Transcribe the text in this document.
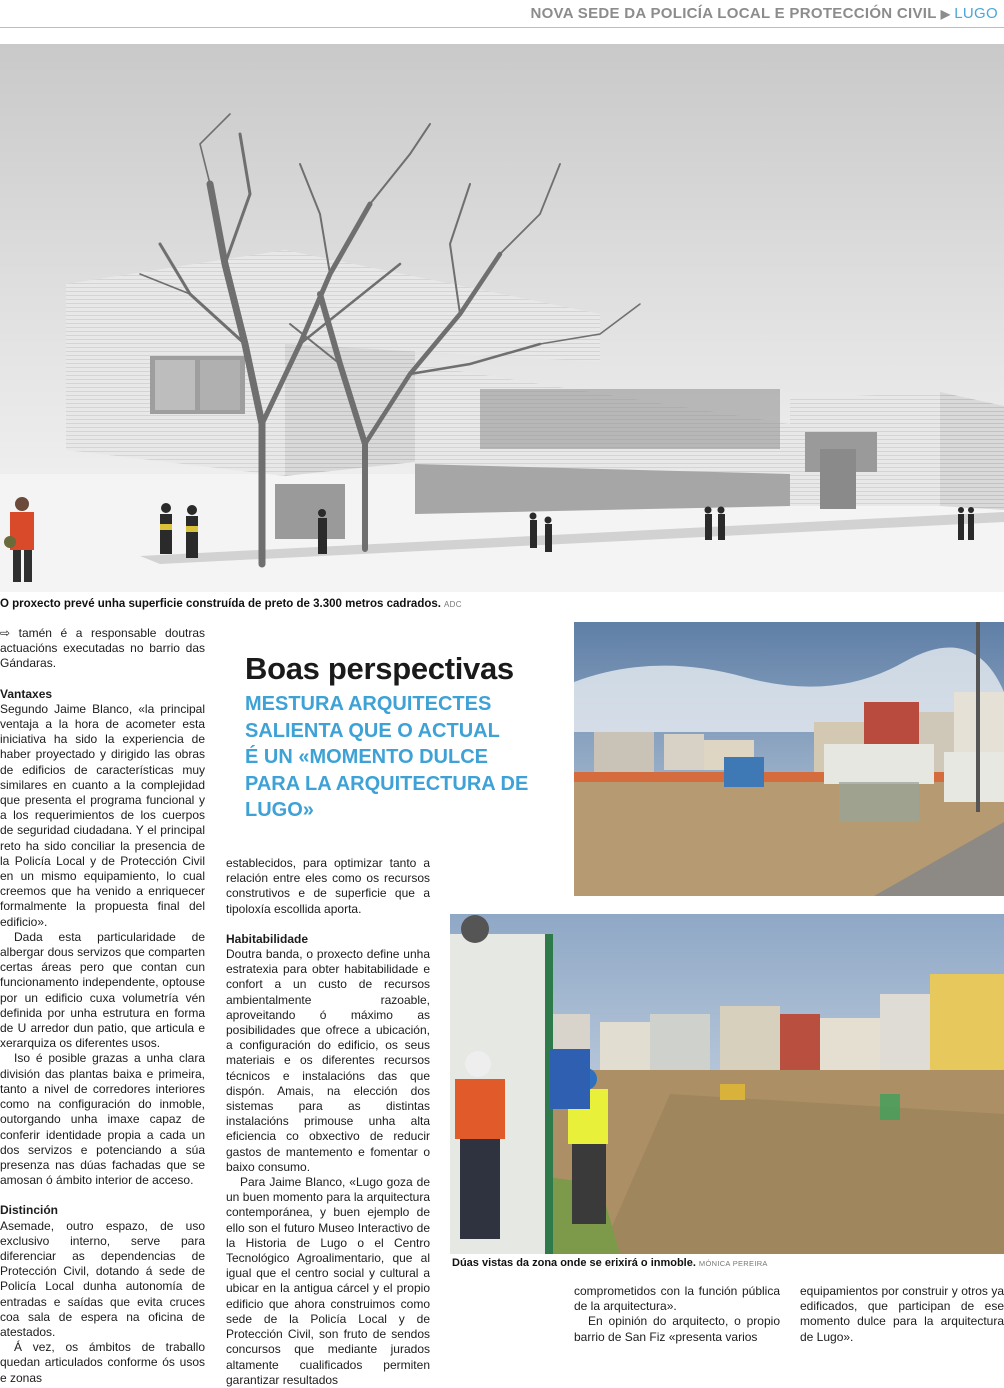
NOVA SEDE DA POLICÍA LOCAL E PROTECCIÓN CIVIL ▶ LUGO
O proxecto prevé unha superficie construída de preto de 3.300 metros cadrados. ADC

⇨ tamén é a responsable doutras actuacións executadas no barrio das Gándaras.

Vantaxes

Segundo Jaime Blanco, «la principal ventaja a la hora de acometer esta iniciativa ha sido la experiencia de haber proyectado y dirigido las obras de edificios de características muy similares en cuanto a la complejidad que presenta el programa funcional y a los requerimientos de los cuerpos de seguridad ciudadana. Y el principal reto ha sido conciliar la presencia de la Policía Local y de Protección Civil en un mismo equipamiento, lo cual creemos que ha venido a enriquecer formalmente la propuesta final del edificio».

Dada esta particularidade de albergar dous servizos que comparten certas áreas pero que contan cun funcionamento independente, optouse por un edificio cuxa volumetría vén definida por unha estrutura en forma de U arredor dun patio, que articula e xerarquiza os diferentes usos.

Iso é posible grazas a unha clara división das plantas baixa e primeira, tanto a nivel de corredores interiores como na configuración do inmoble, outorgando unha imaxe capaz de conferir identidade propia a cada un dos servizos e potenciando a súa presenza nas dúas fachadas que se amosan ó ámbito interior de acceso.

Distinción

Asemade, outro espazo, de uso exclusivo interno, serve para diferenciar as dependencias de Protección Civil, dotando á sede de Policía Local dunha autonomía de entradas e saídas que evita cruces coa sala de espera na oficina de atestados.

Á vez, os ámbitos de traballo quedan articulados conforme ós usos e zonas

Boas perspectivas
MESTURA ARQUITECTES
SALIENTA QUE O ACTUAL
É UN «MOMENTO DULCE
PARA LA ARQUITECTURA DE
LUGO»

establecidos, para optimizar tanto a relación entre eles como os recursos construtivos e de superficie que a tipoloxía escollida aporta.

Habitabilidade

Doutra banda, o proxecto define unha estratexia para obter habitabilidade e confort a un custo de recursos ambientalmente razoable, aproveitando ó máximo as posibilidades que ofrece a ubicación, a configuración do edificio, os seus materiais e os diferentes recursos técnicos e instalacións das que dispón. Amais, na elección dos sistemas para as distintas instalacións primouse unha alta eficiencia co obxectivo de reducir gastos de mantemento e fomentar o baixo consumo.

Para Jaime Blanco, «Lugo goza de un buen momento para la arquitectura contemporánea, y buen ejemplo de ello son el futuro Museo Interactivo de la Historia de Lugo o el Centro Tecnológico Agroalimentario, que al igual que el centro social y cultural a ubicar en la antigua cárcel y el propio edificio que ahora construimos como sede de la Policía Local y de Protección Civil, son fruto de sendos concursos que mediante jurados altamente cualificados permiten garantizar resultados

Dúas vistas da zona onde se erixirá o inmoble. MÓNICA PEREIRA

comprometidos con la función pública de la arquitectura».

En opinión do arquitecto, o propio barrio de San Fiz «presenta varios

equipamientos por construir y otros ya edificados, que participan de ese momento dulce para la arquitectura de Lugo».
